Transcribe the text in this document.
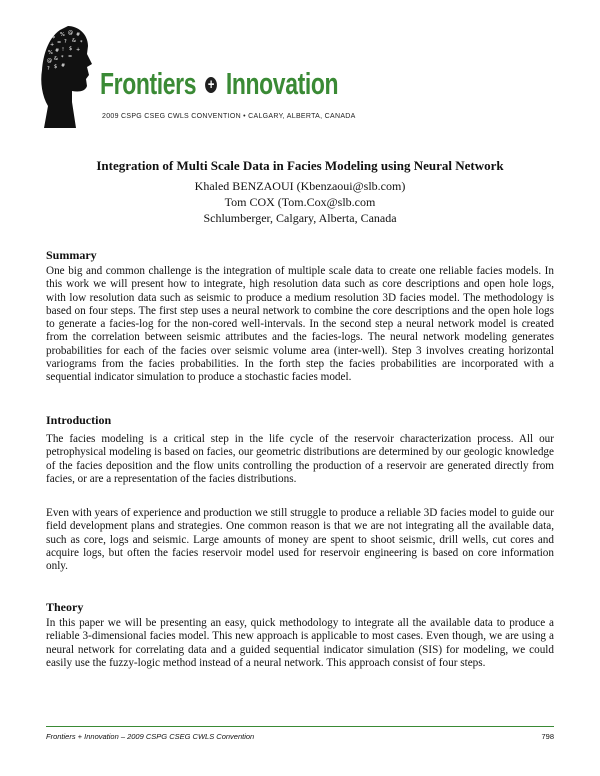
$ % @ #
+ = ? & *
% # ! $ +
@ & * =
? $ # Frontiers + Innovation
2009 CSPG CSEG CWLS CONVENTION • CALGARY, ALBERTA, CANADA
Integration of Multi Scale Data in Facies Modeling using Neural Network
Khaled BENZAOUI (Kbenzaoui@slb.com)
Tom COX (Tom.Cox@slb.com
Schlumberger, Calgary, Alberta, Canada
Summary

One big and common challenge is the integration of multiple scale data to create one reliable facies models. In this work we will present how to integrate, high resolution data such as core descriptions and open hole logs, with low resolution data such as seismic to produce a medium resolution 3D facies model. The methodology is based on four steps. The first step uses a neural network to combine the core descriptions and the open hole logs to generate a facies-log for the non-cored well-intervals. In the second step a neural network model is created from the correlation between seismic attributes and the facies-logs. The neural network modeling generates probabilities for each of the facies over seismic volume area (inter-well). Step 3 involves creating horizontal variograms from the facies probabilities. In the forth step the facies probabilities are incorporated with a sequential indicator simulation to produce a stochastic facies model.

Introduction

The facies modeling is a critical step in the life cycle of the reservoir characterization process. All our petrophysical modeling is based on facies, our geometric distributions are determined by our geologic knowledge of the facies deposition and the flow units controlling the production of a reservoir are generated directly from facies, or are a representation of the facies distributions.

Even with years of experience and production we still struggle to produce a reliable 3D facies model to guide our field development plans and strategies. One common reason is that we are not integrating all the available data, such as core, logs and seismic. Large amounts of money are spent to shoot seismic, drill wells, cut cores and acquire logs, but often the facies reservoir model used for reservoir engineering is based on core information only.

Theory

In this paper we will be presenting an easy, quick methodology to integrate all the available data to produce a reliable 3-dimensional facies model. This new approach is applicable to most cases. Even though, we are using a neural network for correlating data and a guided sequential indicator simulation (SIS) for modeling, we could easily use the fuzzy-logic method instead of a neural network. This approach consist of four steps.

Frontiers + Innovation – 2009 CSPG CSEG CWLS Convention	798
